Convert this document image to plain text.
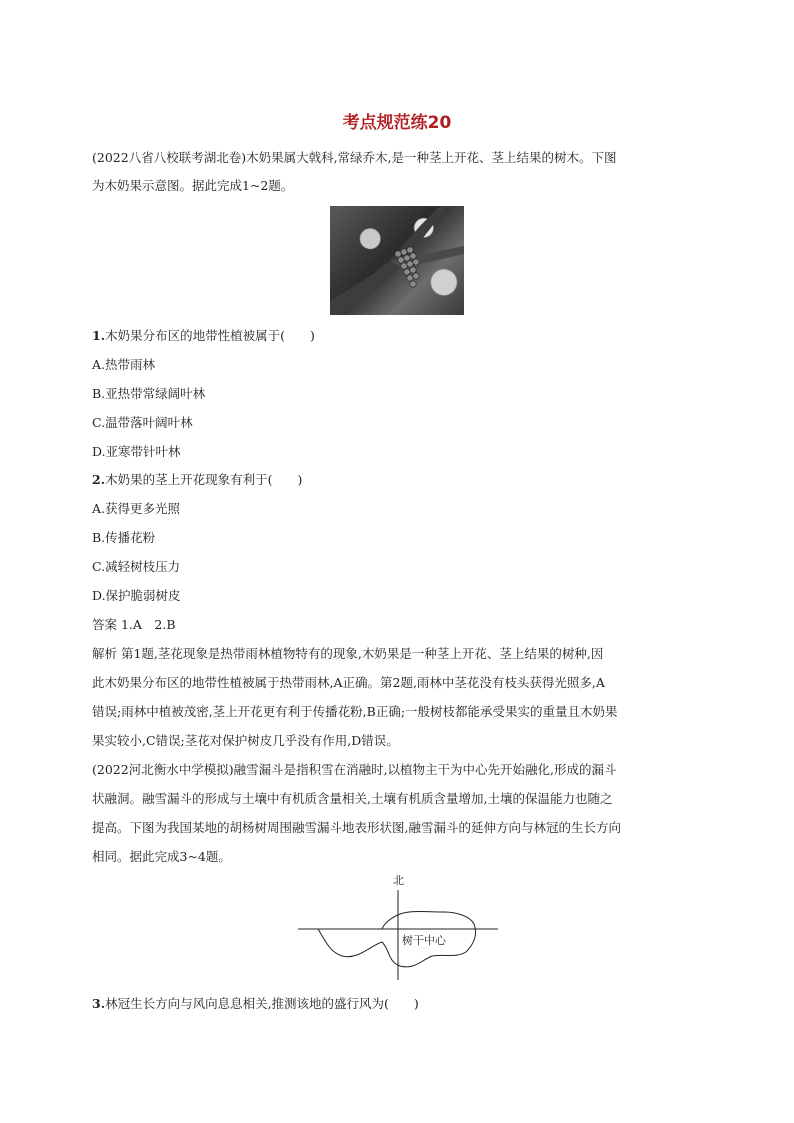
考点规范练20
(2022八省八校联考湖北卷)木奶果属大戟科,常绿乔木,是一种茎上开花、茎上结果的树木。下图
为木奶果示意图。据此完成1~2题。
1.木奶果分布区的地带性植被属于(　　)
A.热带雨林
B.亚热带常绿阔叶林
C.温带落叶阔叶林
D.亚寒带针叶林
2.木奶果的茎上开花现象有利于(　　)
A.获得更多光照
B.传播花粉
C.减轻树枝压力
D.保护脆弱树皮
答案 1.A　2.B
解析 第1题,茎花现象是热带雨林植物特有的现象,木奶果是一种茎上开花、茎上结果的树种,因
此木奶果分布区的地带性植被属于热带雨林,A正确。第2题,雨林中茎花没有枝头获得光照多,A
错误;雨林中植被茂密,茎上开花更有利于传播花粉,B正确;一般树枝都能承受果实的重量且木奶果
果实较小,C错误;茎花对保护树皮几乎没有作用,D错误。
(2022河北衡水中学模拟)融雪漏斗是指积雪在消融时,以植物主干为中心先开始融化,形成的漏斗
状融洞。融雪漏斗的形成与土壤中有机质含量相关,土壤有机质含量增加,土壤的保温能力也随之
提高。下图为我国某地的胡杨树周围融雪漏斗地表形状图,融雪漏斗的延伸方向与林冠的生长方向
相同。据此完成3~4题。
北
树干中心
3.林冠生长方向与风向息息相关,推测该地的盛行风为(　　)
